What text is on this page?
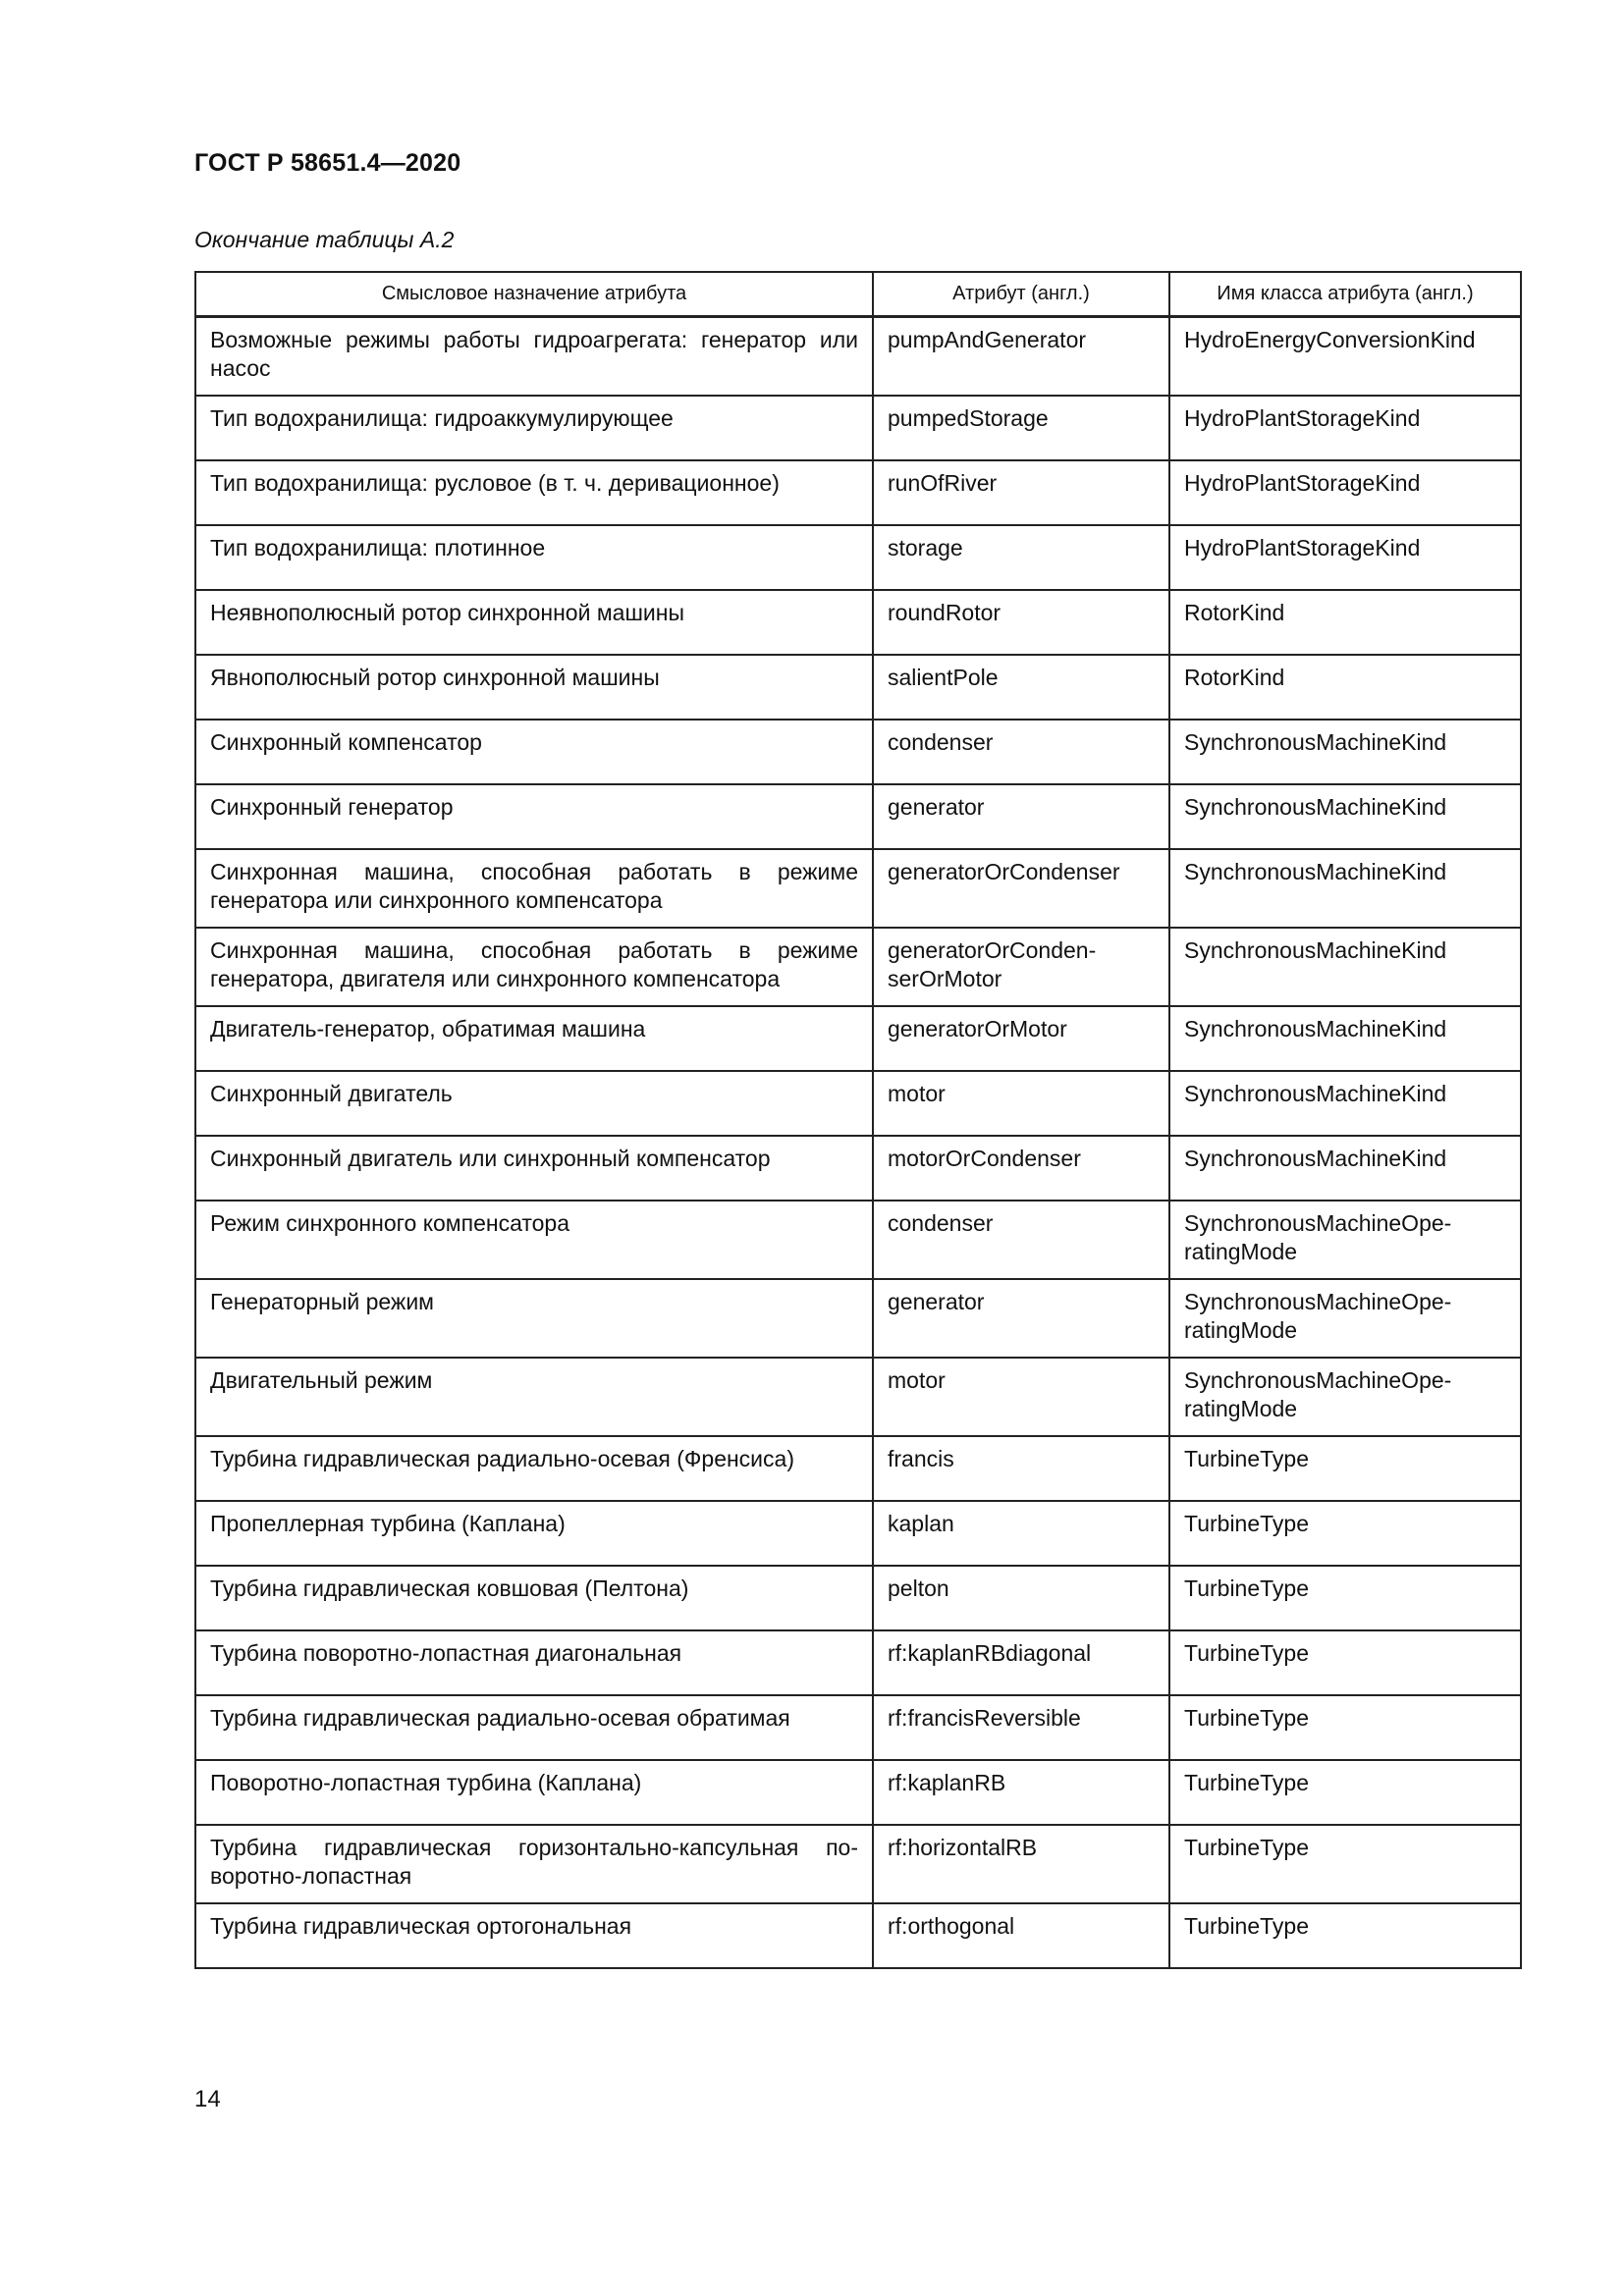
ГОСТ Р 58651.4—2020
Окончание таблицы А.2
Смысловое назначение атрибута	Атрибут (англ.)	Имя класса атрибута (англ.)
Возможные режимы работы гидроагрегата: генератор или насос	pumpAndGenerator	HydroEnergyConversionKind
Тип водохранилища: гидроаккумулирующее	pumpedStorage	HydroPlantStorageKind
Тип водохранилища: русловое (в т. ч. деривационное)	runOfRiver	HydroPlantStorageKind
Тип водохранилища: плотинное	storage	HydroPlantStorageKind
Неявнополюсный ротор синхронной машины	roundRotor	RotorKind
Явнополюсный ротор синхронной машины	salientPole	RotorKind
Синхронный компенсатор	condenser	SynchronousMachineKind
Синхронный генератор	generator	SynchronousMachineKind
Синхронная машина, способная работать в режиме генератора или синхронного компенсатора	generatorOrCondenser	SynchronousMachineKind
Синхронная машина, способная работать в режиме генератора, двигателя или синхронного компенсатора	generatorOrConden-serOrMotor	SynchronousMachineKind
Двигатель-генератор, обратимая машина	generatorOrMotor	SynchronousMachineKind
Синхронный двигатель	motor	SynchronousMachineKind
Синхронный двигатель или синхронный компенсатор	motorOrCondenser	SynchronousMachineKind
Режим синхронного компенсатора	condenser	SynchronousMachineOpe-ratingMode
Генераторный режим	generator	SynchronousMachineOpe-ratingMode
Двигательный режим	motor	SynchronousMachineOpe-ratingMode
Турбина гидравлическая радиально-осевая (Френсиса)	francis	TurbineType
Пропеллерная турбина (Каплана)	kaplan	TurbineType
Турбина гидравлическая ковшовая (Пелтона)	pelton	TurbineType
Турбина поворотно-лопастная диагональная	rf:kaplanRBdiagonal	TurbineType
Турбина гидравлическая радиально-осевая обратимая	rf:francisReversible	TurbineType
Поворотно-лопастная турбина (Каплана)	rf:kaplanRB	TurbineType
Турбина гидравлическая горизонтально-капсульная по-воротно-лопастная	rf:horizontalRB	TurbineType
Турбина гидравлическая ортогональная	rf:orthogonal	TurbineType
14
